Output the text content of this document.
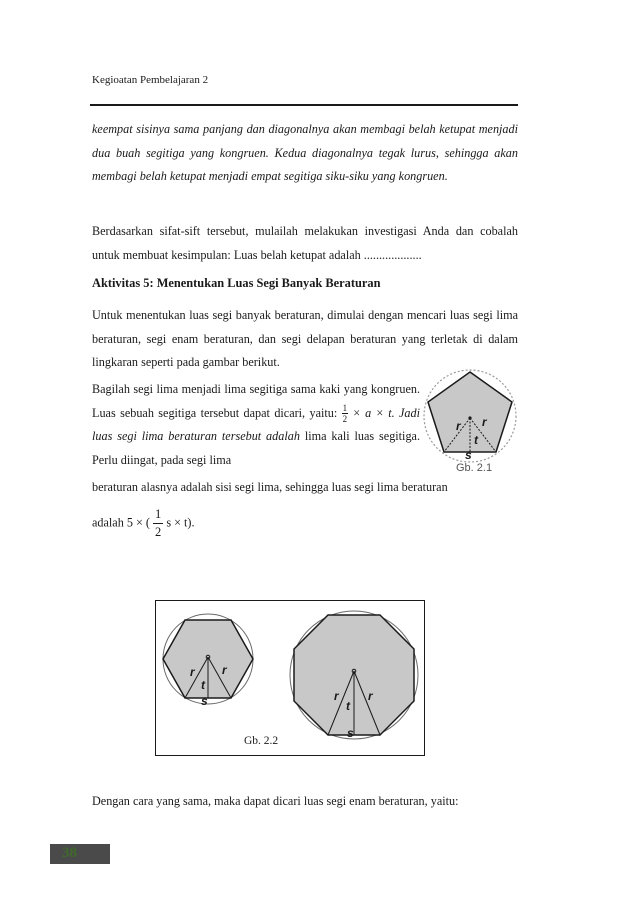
Kegioatan Pembelajaran 2

keempat sisinya sama panjang dan diagonalnya akan membagi belah ketupat menjadi dua buah segitiga yang kongruen. Kedua diagonalnya tegak lurus, sehingga akan membagi belah ketupat menjadi empat segitiga siku-siku yang kongruen.

Berdasarkan sifat-sift tersebut, mulailah melakukan investigasi Anda dan cobalah untuk membuat kesimpulan: Luas belah ketupat adalah ...................

Aktivitas 5: Menentukan Luas Segi Banyak Beraturan

Untuk menentukan luas segi banyak beraturan, dimulai dengan mencari luas segi lima beraturan, segi enam beraturan, dan segi delapan beraturan yang terletak di dalam lingkaran seperti pada gambar berikut.

Bagilah segi lima menjadi lima segitiga sama kaki yang kongruen. Luas sebuah segitiga tersebut dapat dicari, yaitu: $\frac{1}{2} \times a \times t$. Jadi luas segi lima beraturan tersebut adalah lima kali luas segitiga. Perlu diingat, pada segi lima

beraturan alasnya adalah sisi segi lima, sehingga luas segi lima beraturan

adalah 5 × ( $\frac{1}{2}$ s × t).

r r
t
s
Gb. 2.1
r r
t
s	r r
t
s
Gb. 2.2

Dengan cara yang sama, maka dapat dicari luas segi enam beraturan, yaitu:

38
